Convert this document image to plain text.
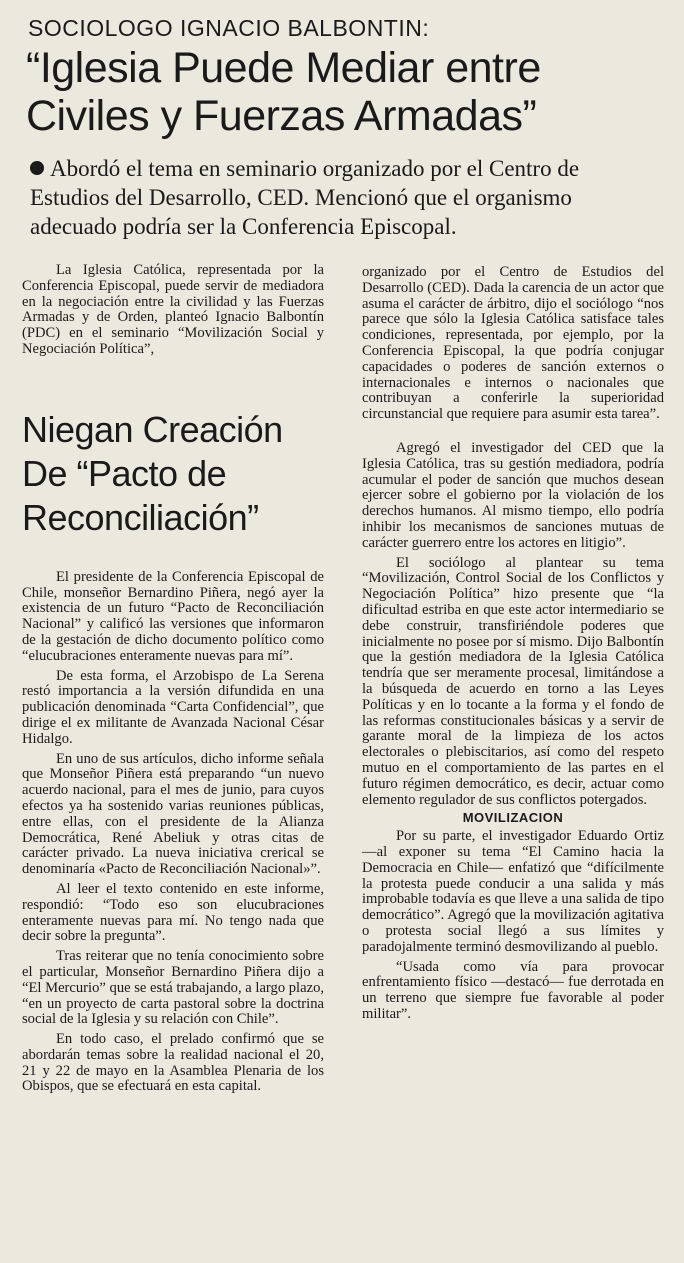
SOCIOLOGO IGNACIO BALBONTIN:
“Iglesia Puede Mediar entre
Civiles y Fuerzas Armadas”
Abordó el tema en seminario organizado por el Centro de Estudios del Desarrollo, CED. Mencionó que el organismo adecuado podría ser la Conferencia Episcopal.

La Iglesia Católica, representada por la Conferencia Episcopal, puede servir de mediadora en la negociación entre la civilidad y las Fuerzas Armadas y de Orden, planteó Ignacio Balbontín (PDC) en el seminario “Movilización Social y Negociación Política”,

Niegan Creación
De “Pacto de
Reconciliación”

El presidente de la Conferencia Episcopal de Chile, monseñor Bernardino Piñera, negó ayer la existencia de un futuro “Pacto de Reconciliación Nacional” y calificó las versiones que informaron de la gestación de dicho documento político como “elucubraciones enteramente nuevas para mí”.

De esta forma, el Arzobispo de La Serena restó importancia a la versión difundida en una publicación denominada “Carta Confidencial”, que dirige el ex militante de Avanzada Nacional César Hidalgo.

En uno de sus artículos, dicho informe señala que Monseñor Piñera está preparando “un nuevo acuerdo nacional, para el mes de junio, para cuyos efectos ya ha sostenido varias reuniones públicas, entre ellas, con el presidente de la Alianza Democrática, René Abeliuk y otras citas de carácter privado. La nueva iniciativa crerical se denominaría «Pacto de Reconciliación Nacional»”.

Al leer el texto contenido en este informe, respondió: “Todo eso son elucubraciones enteramente nuevas para mí. No tengo nada que decir sobre la pregunta”.

Tras reiterar que no tenía conocimiento sobre el particular, Monseñor Bernardino Piñera dijo a “El Mercurio” que se está trabajando, a largo plazo, “en un proyecto de carta pastoral sobre la doctrina social de la Iglesia y su relación con Chile”.

En todo caso, el prelado confirmó que se abordarán temas sobre la realidad nacional el 20, 21 y 22 de mayo en la Asamblea Plenaria de los Obispos, que se efectuará en esta capital.

organizado por el Centro de Estudios del Desarrollo (CED). Dada la carencia de un actor que asuma el carácter de árbitro, dijo el sociólogo “nos parece que sólo la Iglesia Católica satisface tales condiciones, representada, por ejemplo, por la Conferencia Episcopal, la que podría conjugar capacidades o poderes de sanción externos o internacionales e internos o nacionales que contribuyan a conferirle la superioridad circunstancial que requiere para asumir esta tarea”.

Agregó el investigador del CED que la Iglesia Católica, tras su gestión mediadora, podría acumular el poder de sanción que muchos desean ejercer sobre el gobierno por la violación de los derechos humanos. Al mismo tiempo, ello podría inhibir los mecanismos de sanciones mutuas de carácter guerrero entre los actores en litigio”.

El sociólogo al plantear su tema “Movilización, Control Social de los Conflictos y Negociación Política” hizo presente que “la dificultad estriba en que este actor intermediario se debe construir, transfiriéndole poderes que inicialmente no posee por sí mismo. Dijo Balbontín que la gestión mediadora de la Iglesia Católica tendría que ser meramente procesal, limitándose a la búsqueda de acuerdo en torno a las Leyes Políticas y en lo tocante a la forma y el fondo de las reformas constitucionales básicas y a servir de garante moral de la limpieza de los actos electorales o plebiscitarios, así como del respeto mutuo en el comportamiento de las partes en el futuro régimen democrático, es decir, actuar como elemento regulador de sus conflictos potergados.

MOVILIZACION

Por su parte, el investigador Eduardo Ortiz —al exponer su tema “El Camino hacia la Democracia en Chile— enfatizó que “difícilmente la protesta puede conducir a una salida y más improbable todavía es que lleve a una salida de tipo democrático”. Agregó que la movilización agitativa o protesta social llegó a sus límites y paradojalmente terminó desmovilizando al pueblo.

“Usada como vía para provocar enfrentamiento físico —destacó— fue derrotada en un terreno que siempre fue favorable al poder militar”.
